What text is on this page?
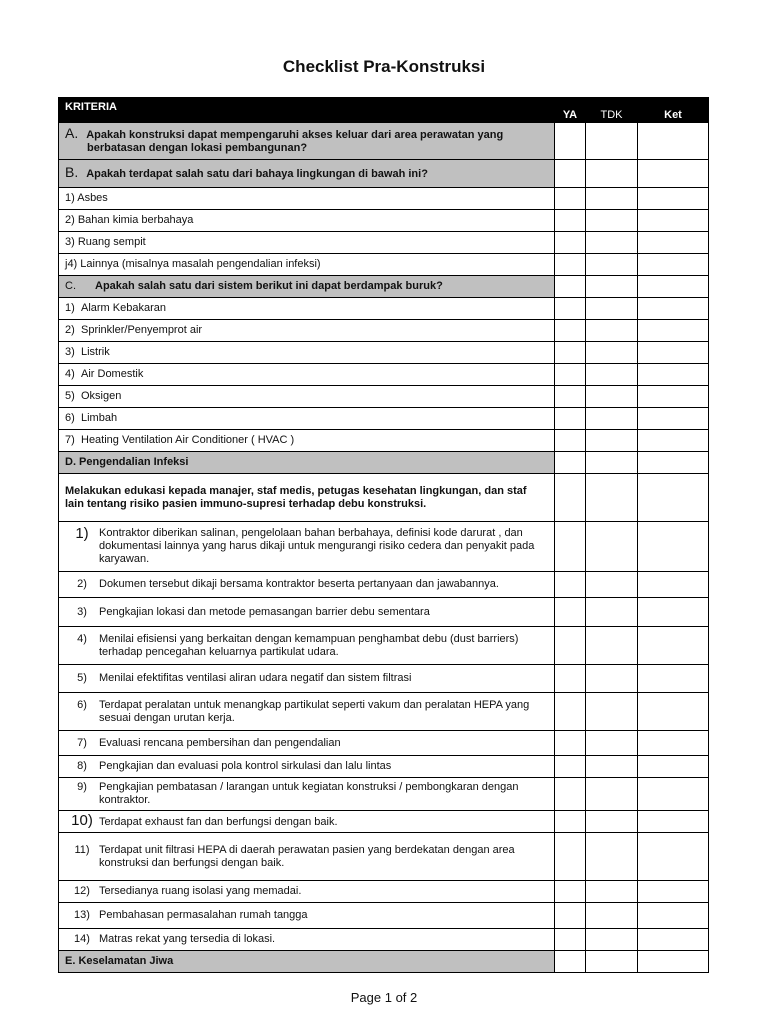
Checklist Pra-Konstruksi
KRITERIA	YA	TDK	Ket
A. Apakah konstruksi dapat mempengaruhi akses keluar dari area perawatan yang
berbatasan dengan lokasi pembangunan?			

B. Apakah terdapat salah satu dari bahaya lingkungan di bawah ini?			
1) Asbes			
2) Bahan kimia berbahaya			
3) Ruang sempit			
j4) Lainnya (misalnya masalah pengendalian infeksi)			
C. Apakah salah satu dari sistem berikut ini dapat berdampak buruk?			
1) Alarm Kebakaran			
2) Sprinkler/Penyemprot air			
3) Listrik			
4) Air Domestik			
5) Oksigen			
6) Limbah			
7) Heating Ventilation Air Conditioner ( HVAC )			
D. Pengendalian Infeksi			
Melakukan edukasi kepada manajer, staf medis, petugas kesehatan lingkungan, dan staf lain tentang risiko pasien immuno-supresi terhadap debu konstruksi.			

1) Kontraktor diberikan salinan, pengelolaan bahan berbahaya, definisi kode darurat , dan dokumentasi lainnya yang harus dikaji untuk mengurangi risiko cedera dan penyakit pada karyawan.			

2) Dokumen tersebut dikaji bersama kontraktor beserta pertanyaan dan jawabannya.			

3) Pengkajian lokasi dan metode pemasangan barrier debu sementara			

4) Menilai efisiensi yang berkaitan dengan kemampuan penghambat debu (dust barriers) terhadap pencegahan keluarnya partikulat udara.			

5) Menilai efektifitas ventilasi aliran udara negatif dan sistem filtrasi			

6) Terdapat peralatan untuk menangkap partikulat seperti vakum dan peralatan HEPA yang sesuai dengan urutan kerja.			

7) Evaluasi rencana pembersihan dan pengendalian			

8) Pengkajian dan evaluasi pola kontrol sirkulasi dan lalu lintas			

9) Pengkajian pembatasan / larangan untuk kegiatan konstruksi / pembongkaran dengan kontraktor.			

10) Terdapat exhaust fan dan berfungsi dengan baik.			

11) Terdapat unit filtrasi HEPA di daerah perawatan pasien yang berdekatan dengan area konstruksi dan berfungsi dengan baik.			

12) Tersedianya ruang isolasi yang memadai.			

13) Pembahasan permasalahan rumah tangga			

14) Matras rekat yang tersedia di lokasi.			

E. Keselamatan Jiwa			
Page 1 of 2
